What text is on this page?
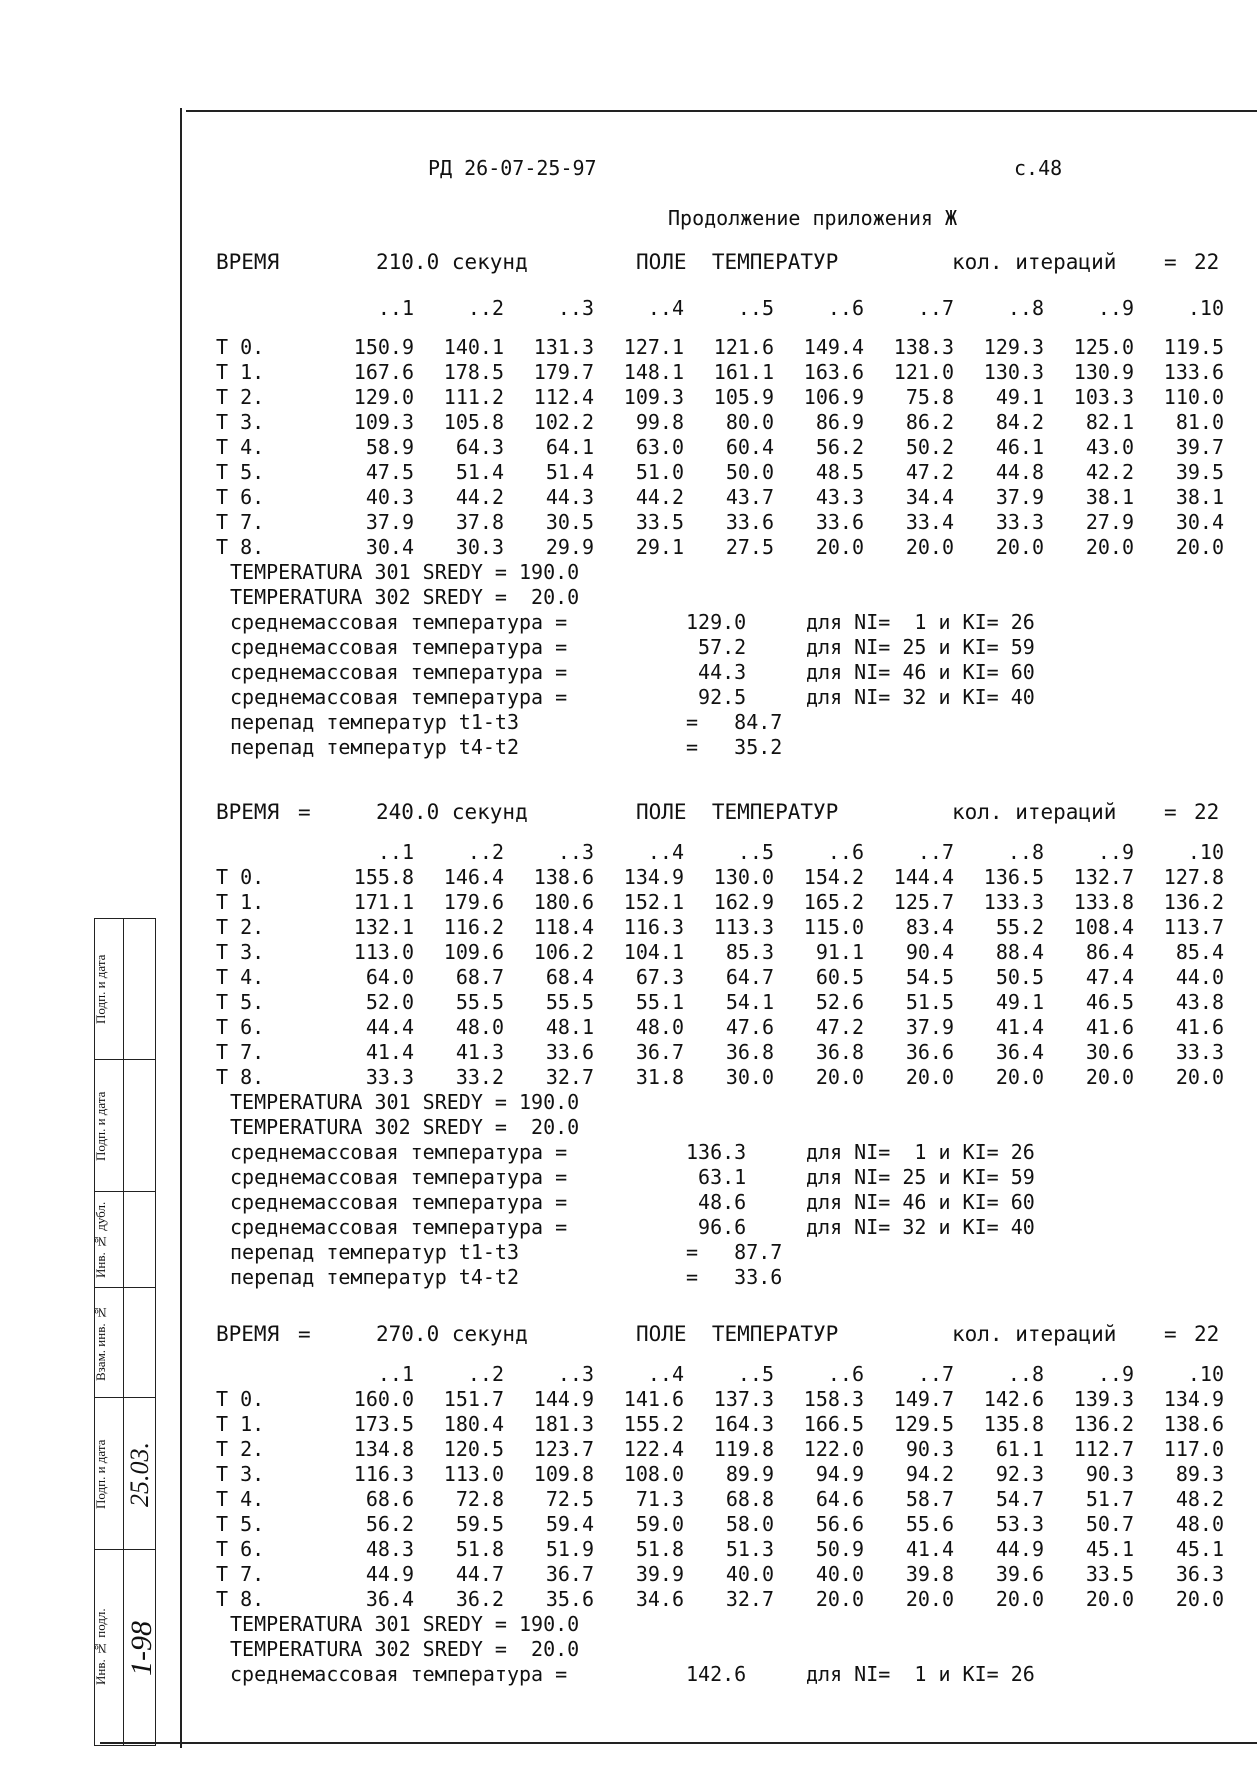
РД 26-07-25-97	с.48
Продолжение приложения Ж
ВРЕМЯ	210.0 секунд	ПОЛЕ  ТЕМПЕРАТУР	кол. итераций = 22
..1	..2	..3	..4	..5	..6	..7	..8	..9	.10
T 0.	150.9	140.1	131.3	127.1	121.6	149.4	138.3	129.3	125.0	119.5
T 1.	167.6	178.5	179.7	148.1	161.1	163.6	121.0	130.3	130.9	133.6
T 2.	129.0	111.2	112.4	109.3	105.9	106.9	75.8	49.1	103.3	110.0
T 3.	109.3	105.8	102.2	99.8	80.0	86.9	86.2	84.2	82.1	81.0
T 4.	58.9	64.3	64.1	63.0	60.4	56.2	50.2	46.1	43.0	39.7
T 5.	47.5	51.4	51.4	51.0	50.0	48.5	47.2	44.8	42.2	39.5
T 6.	40.3	44.2	44.3	44.2	43.7	43.3	34.4	37.9	38.1	38.1
T 7.	37.9	37.8	30.5	33.5	33.6	33.6	33.4	33.3	27.9	30.4
T 8.	30.4	30.3	29.9	29.1	27.5	20.0	20.0	20.0	20.0	20.0
TEMPERATURA 301 SREDY = 190.0
TEMPERATURA 302 SREDY =  20.0
среднемассовая температура =	129.0	для NI=  1 и KI= 26
среднемассовая температура =	57.2	для NI= 25 и KI= 59
среднемассовая температура =	44.3	для NI= 46 и KI= 60
среднемассовая температура =	92.5	для NI= 32 и KI= 40
перепад температур t1-t3	=   84.7
перепад температур t4-t2	=   35.2
ВРЕМЯ =	240.0 секунд	ПОЛЕ  ТЕМПЕРАТУР	кол. итераций = 22
..1	..2	..3	..4	..5	..6	..7	..8	..9	.10
T 0.	155.8	146.4	138.6	134.9	130.0	154.2	144.4	136.5	132.7	127.8
T 1.	171.1	179.6	180.6	152.1	162.9	165.2	125.7	133.3	133.8	136.2
T 2.	132.1	116.2	118.4	116.3	113.3	115.0	83.4	55.2	108.4	113.7
T 3.	113.0	109.6	106.2	104.1	85.3	91.1	90.4	88.4	86.4	85.4
T 4.	64.0	68.7	68.4	67.3	64.7	60.5	54.5	50.5	47.4	44.0
T 5.	52.0	55.5	55.5	55.1	54.1	52.6	51.5	49.1	46.5	43.8
T 6.	44.4	48.0	48.1	48.0	47.6	47.2	37.9	41.4	41.6	41.6
T 7.	41.4	41.3	33.6	36.7	36.8	36.8	36.6	36.4	30.6	33.3
T 8.	33.3	33.2	32.7	31.8	30.0	20.0	20.0	20.0	20.0	20.0
TEMPERATURA 301 SREDY = 190.0
TEMPERATURA 302 SREDY =  20.0
среднемассовая температура =	136.3	для NI=  1 и KI= 26
среднемассовая температура =	63.1	для NI= 25 и KI= 59
среднемассовая температура =	48.6	для NI= 46 и KI= 60
среднемассовая температура =	96.6	для NI= 32 и KI= 40
перепад температур t1-t3	=   87.7
перепад температур t4-t2	=   33.6
ВРЕМЯ =	270.0 секунд	ПОЛЕ  ТЕМПЕРАТУР	кол. итераций = 22
..1	..2	..3	..4	..5	..6	..7	..8	..9	.10
T 0.	160.0	151.7	144.9	141.6	137.3	158.3	149.7	142.6	139.3	134.9
T 1.	173.5	180.4	181.3	155.2	164.3	166.5	129.5	135.8	136.2	138.6
T 2.	134.8	120.5	123.7	122.4	119.8	122.0	90.3	61.1	112.7	117.0
T 3.	116.3	113.0	109.8	108.0	89.9	94.9	94.2	92.3	90.3	89.3
T 4.	68.6	72.8	72.5	71.3	68.8	64.6	58.7	54.7	51.7	48.2
T 5.	56.2	59.5	59.4	59.0	58.0	56.6	55.6	53.3	50.7	48.0
T 6.	48.3	51.8	51.9	51.8	51.3	50.9	41.4	44.9	45.1	45.1
T 7.	44.9	44.7	36.7	39.9	40.0	40.0	39.8	39.6	33.5	36.3
T 8.	36.4	36.2	35.6	34.6	32.7	20.0	20.0	20.0	20.0	20.0
TEMPERATURA 301 SREDY = 190.0
TEMPERATURA 302 SREDY =  20.0
среднемассовая температура =	142.6	для NI=  1 и KI= 26
Подп. и дата
Подп. и дата
Инв. № дубл.
Взам. инв. №
Подп. и дата
Инв. № подл. 1-98
25.03.
